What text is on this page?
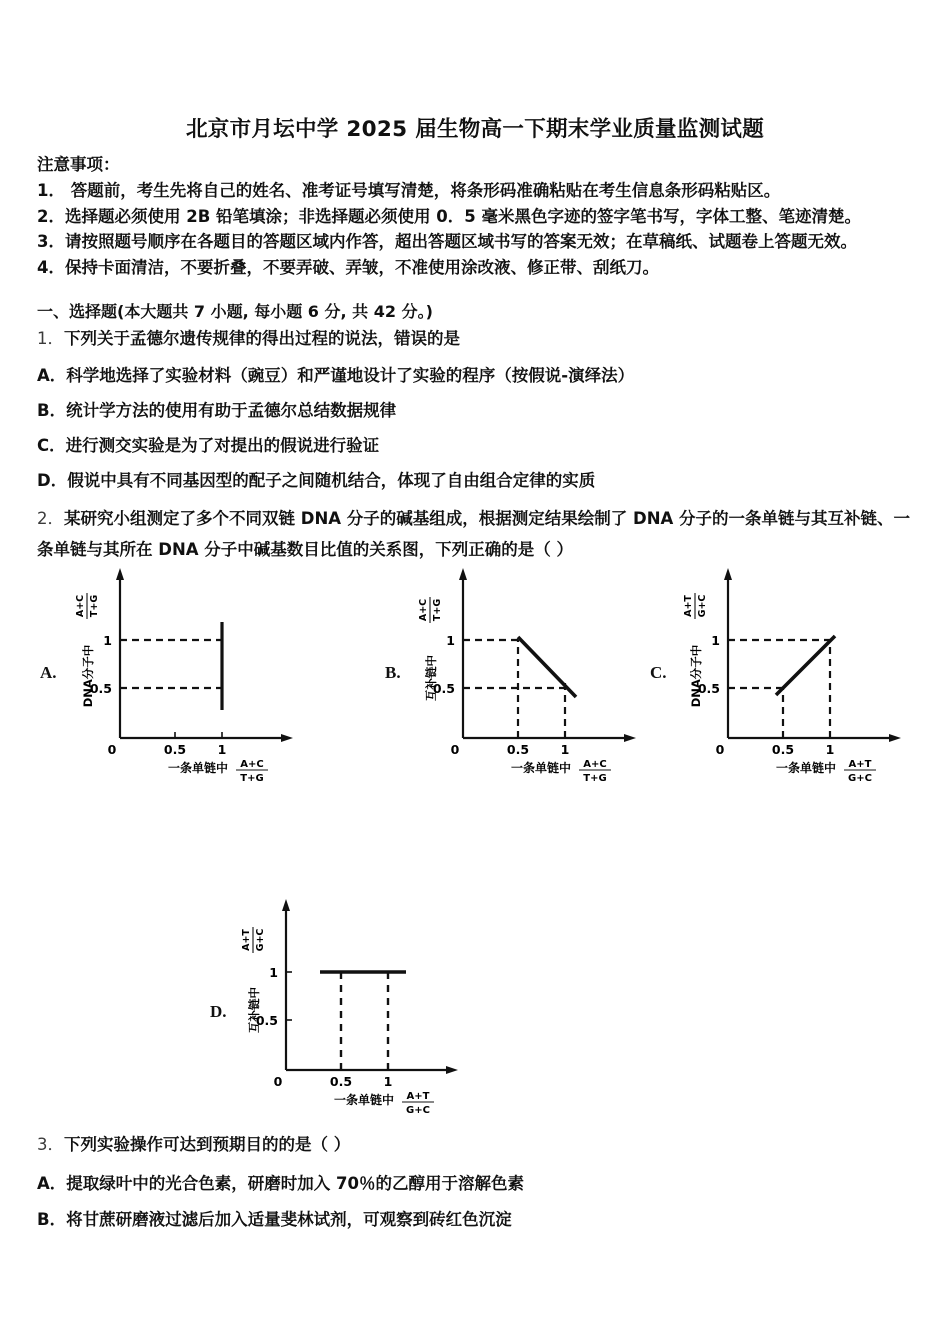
北京市月坛中学 2025 届生物高一下期末学业质量监测试题
注意事项：
1． 答题前，考生先将自己的姓名、准考证号填写清楚，将条形码准确粘贴在考生信息条形码粘贴区。
2．选择题必须使用 2B 铅笔填涂；非选择题必须使用 0．5 毫米黑色字迹的签字笔书写，字体工整、笔迹清楚。
3．请按照题号顺序在各题目的答题区域内作答，超出答题区域书写的答案无效；在草稿纸、试题卷上答题无效。
4．保持卡面清洁，不要折叠，不要弄破、弄皱，不准使用涂改液、修正带、刮纸刀。
一、选择题(本大题共 7 小题, 每小题 6 分, 共 42 分。)
1．下列关于孟德尔遗传规律的得出过程的说法，错误的是
A．科学地选择了实验材料（豌豆）和严谨地设计了实验的程序（按假说-演绎法）
B．统计学方法的使用有助于孟德尔总结数据规律
C．进行测交实验是为了对提出的假说进行验证
D．假说中具有不同基因型的配子之间随机结合，体现了自由组合定律的实质
2．某研究小组测定了多个不同双链 DNA 分子的碱基组成，根据测定结果绘制了 DNA 分子的一条单链与其互补链、一
条单链与其所在 DNA 分子中碱基数目比值的关系图，下列正确的是（ ）
A. DNA分子中
A+C T+G
0	0.5	1
1
0.5
一条单链中 A+C
T+G
B. 互补链中
A+C T+G
0	0.5	1
1
0.5
一条单链中 A+C
T+G
C. DNA分子中
A+T G+C
0	0.5	1
1
0.5
一条单链中 A+T
G+C
D. 互补链中
A+T G+C
0	0.5	1
1
0.5
一条单链中 A+T
G+C
3．下列实验操作可达到预期目的的是（ ）
A．提取绿叶中的光合色素，研磨时加入 70％的乙醇用于溶解色素
B．将甘蔗研磨液过滤后加入适量斐林试剂，可观察到砖红色沉淀
